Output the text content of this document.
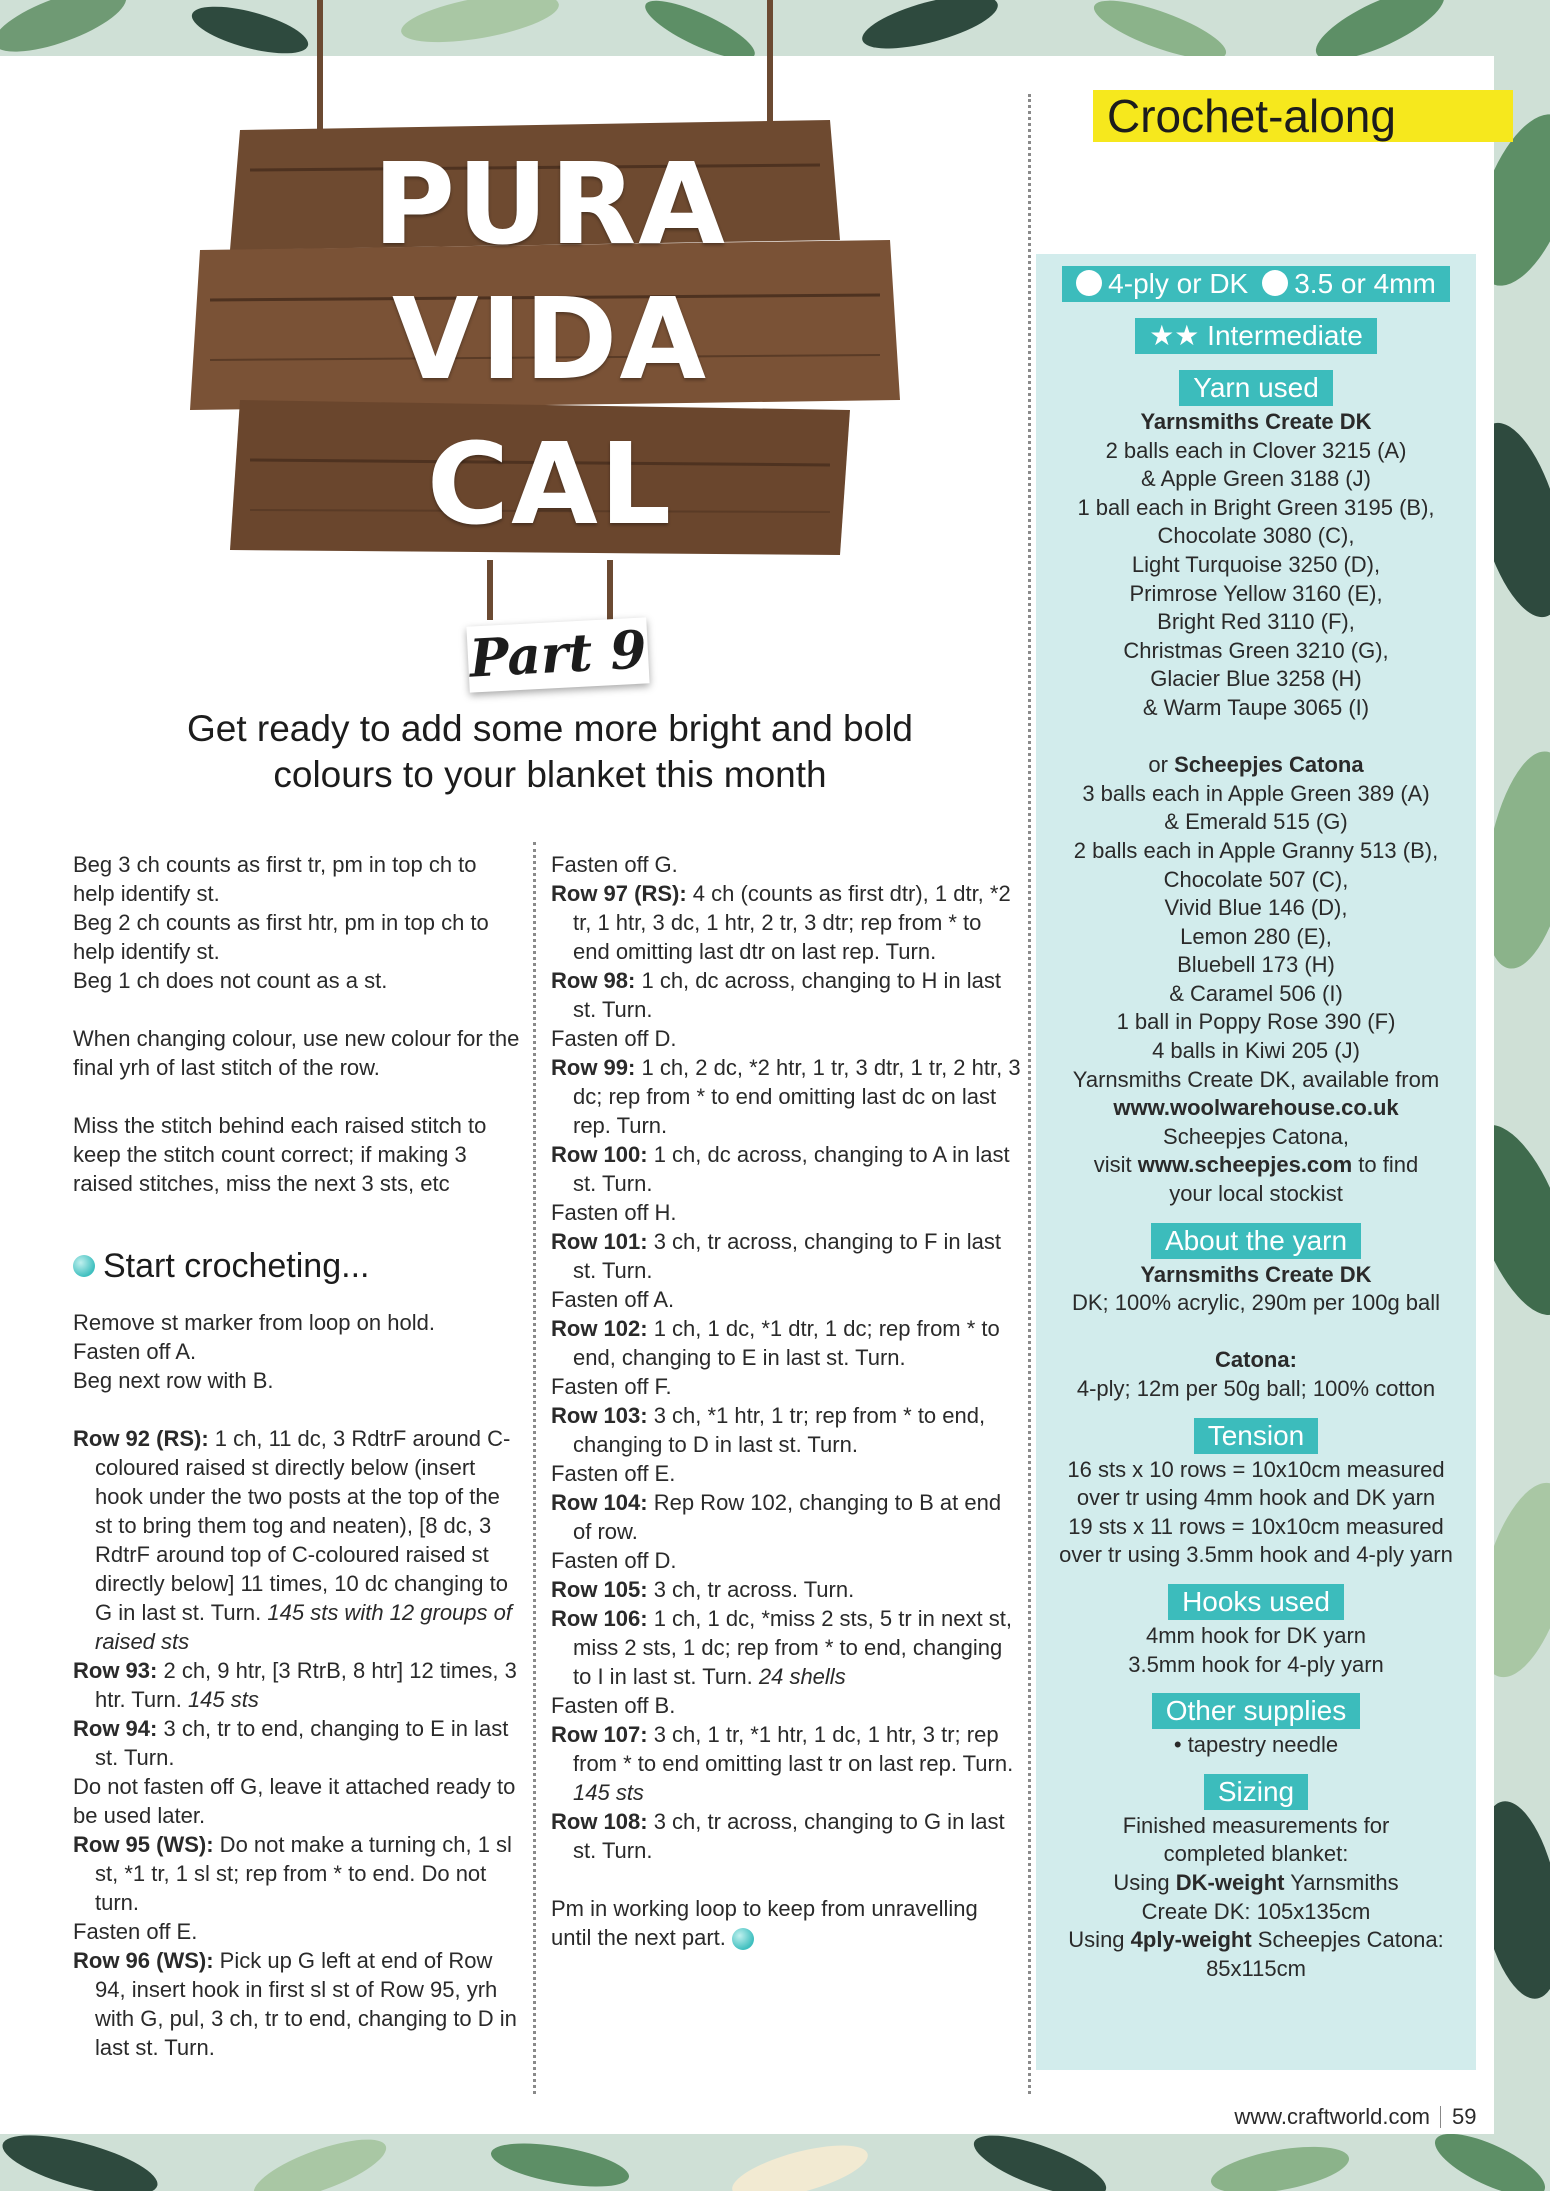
PURA
VIDA
CAL
Part 9
Get ready to add some more bright and bold
colours to your blanket this month
Crochet-along

Beg 3 ch counts as first tr, pm in top ch to help identify st.

Beg 2 ch counts as first htr, pm in top ch to help identify st.

Beg 1 ch does not count as a st.

When changing colour, use new colour for the final yrh of last stitch of the row.

Miss the stitch behind each raised stitch to keep the stitch count correct; if making 3 raised stitches, miss the next 3 sts, etc

Start crocheting...

Remove st marker from loop on hold.

Fasten off A.

Beg next row with B.

Row 92 (RS): 1 ch, 11 dc, 3 RdtrF around C-coloured raised st directly below (insert hook under the two posts at the top of the st to bring them tog and neaten), [8 dc, 3 RdtrF around top of C-coloured raised st directly below] 11 times, 10 dc changing to G in last st. Turn. 145 sts with 12 groups of raised sts

Row 93: 2 ch, 9 htr, [3 RtrB, 8 htr] 12 times, 3 htr. Turn. 145 sts

Row 94: 3 ch, tr to end, changing to E in last st. Turn.

Do not fasten off G, leave it attached ready to be used later.

Row 95 (WS): Do not make a turning ch, 1 sl st, *1 tr, 1 sl st; rep from * to end. Do not turn.

Fasten off E.

Row 96 (WS): Pick up G left at end of Row 94, insert hook in first sl st of Row 95, yrh with G, pul, 3 ch, tr to end, changing to D in last st. Turn.

Fasten off G.

Row 97 (RS): 4 ch (counts as first dtr), 1 dtr, *2 tr, 1 htr, 3 dc, 1 htr, 2 tr, 3 dtr; rep from * to end omitting last dtr on last rep. Turn.

Row 98: 1 ch, dc across, changing to H in last st. Turn.

Fasten off D.

Row 99: 1 ch, 2 dc, *2 htr, 1 tr, 3 dtr, 1 tr, 2 htr, 3 dc; rep from * to end omitting last dc on last rep. Turn.

Row 100: 1 ch, dc across, changing to A in last st. Turn.

Fasten off H.

Row 101: 3 ch, tr across, changing to F in last st. Turn.

Fasten off A.

Row 102: 1 ch, 1 dc, *1 dtr, 1 dc; rep from * to end, changing to E in last st. Turn.

Fasten off F.

Row 103: 3 ch, *1 htr, 1 tr; rep from * to end, changing to D in last st. Turn.

Fasten off E.

Row 104: Rep Row 102, changing to B at end of row.

Fasten off D.

Row 105: 3 ch, tr across. Turn.

Row 106: 1 ch, 1 dc, *miss 2 sts, 5 tr in next st, miss 2 sts, 1 dc; rep from * to end, changing to I in last st. Turn. 24 shells

Fasten off B.

Row 107: 3 ch, 1 tr, *1 htr, 1 dc, 1 htr, 3 tr; rep from * to end omitting last tr on last rep. Turn. 145 sts

Row 108: 3 ch, tr across, changing to G in last st. Turn.

Pm in working loop to keep from unravelling until the next part.

4-ply or DK 3.5 or 4mm
★★ Intermediate
Yarn used
Yarnsmiths Create DK
2 balls each in Clover 3215 (A)
& Apple Green 3188 (J)
1 ball each in Bright Green 3195 (B),
Chocolate 3080 (C),
Light Turquoise 3250 (D),
Primrose Yellow 3160 (E),
Bright Red 3110 (F),
Christmas Green 3210 (G),
Glacier Blue 3258 (H)
& Warm Taupe 3065 (I)
or Scheepjes Catona
3 balls each in Apple Green 389 (A)
& Emerald 515 (G)
2 balls each in Apple Granny 513 (B),
Chocolate 507 (C),
Vivid Blue 146 (D),
Lemon 280 (E),
Bluebell 173 (H)
& Caramel 506 (I)
1 ball in Poppy Rose 390 (F)
4 balls in Kiwi 205 (J)
Yarnsmiths Create DK, available from
www.woolwarehouse.co.uk
Scheepjes Catona,
visit www.scheepjes.com to find
your local stockist
About the yarn
Yarnsmiths Create DK
DK; 100% acrylic, 290m per 100g ball
Catona:
4-ply; 12m per 50g ball; 100% cotton
Tension
16 sts x 10 rows = 10x10cm measured
over tr using 4mm hook and DK yarn
19 sts x 11 rows = 10x10cm measured
over tr using 3.5mm hook and 4-ply yarn
Hooks used
4mm hook for DK yarn
3.5mm hook for 4-ply yarn
Other supplies
• tapestry needle
Sizing
Finished measurements for
completed blanket:
Using DK-weight Yarnsmiths
Create DK: 105x135cm
Using 4ply-weight Scheepjes Catona:
85x115cm
www.craftworld.com 59
